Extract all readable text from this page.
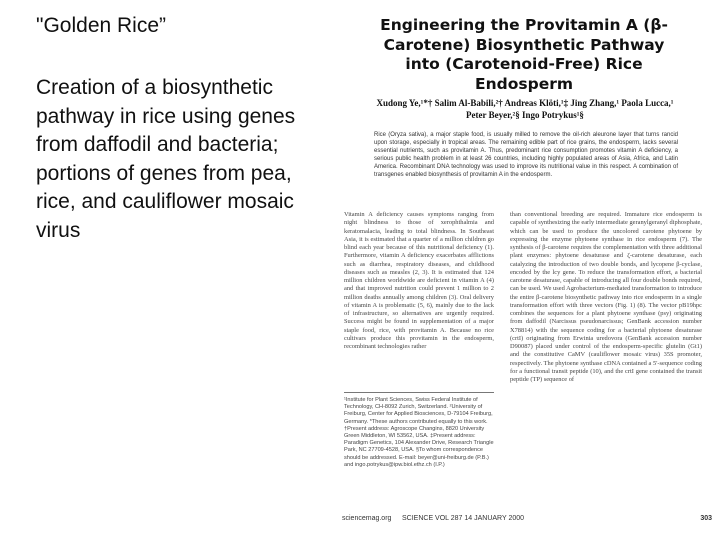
"Golden Rice”
Creation of a biosynthetic pathway in rice using genes from daffodil and bacteria; portions of genes from pea, rice, and cauliflower mosaic virus
Engineering the Provitamin A (β-Carotene) Biosynthetic Pathway into (Carotenoid-Free) Rice Endosperm
Xudong Ye,¹*† Salim Al-Babili,²† Andreas Klöti,¹‡ Jing Zhang,¹ Paola Lucca,¹ Peter Beyer,²§ Ingo Potrykus¹§
Rice (Oryza sativa), a major staple food, is usually milled to remove the oil-rich aleurone layer that turns rancid upon storage, especially in tropical areas. The remaining edible part of rice grains, the endosperm, lacks several essential nutrients, such as provitamin A. Thus, predominant rice consumption promotes vitamin A deficiency, a serious public health problem in at least 26 countries, including highly populated areas of Asia, Africa, and Latin America. Recombinant DNA technology was used to improve its nutritional value in this respect. A combination of transgenes enabled biosynthesis of provitamin A in the endosperm.
Vitamin A deficiency causes symptoms ranging from night blindness to those of xerophthalmia and keratomalacia, leading to total blindness. In Southeast Asia, it is estimated that a quarter of a million children go blind each year because of this nutritional deficiency (1). Furthermore, vitamin A deficiency exacerbates afflictions such as diarrhea, respiratory diseases, and childhood diseases such as measles (2, 3). It is estimated that 124 million children worldwide are deficient in vitamin A (4) and that improved nutrition could prevent 1 million to 2 million deaths annually among children (3). Oral delivery of vitamin A is problematic (5, 6), mainly due to the lack of infrastructure, so alternatives are urgently required. Success might be found in supplementation of a major staple food, rice, with provitamin A. Because no rice cultivars produce this provitamin in the endosperm, recombinant technologies rather
than conventional breeding are required. Immature rice endosperm is capable of synthesizing the early intermediate geranylgeranyl diphosphate, which can be used to produce the uncolored carotene phytoene by expressing the enzyme phytoene synthase in rice endosperm (7). The synthesis of β-carotene requires the complementation with three additional plant enzymes: phytoene desaturase and ζ-carotene desaturase, each catalyzing the introduction of two double bonds, and lycopene β-cyclase, encoded by the lcy gene. To reduce the transformation effort, a bacterial carotene desaturase, capable of introducing all four double bonds required, can be used. We used Agrobacterium-mediated transformation to introduce the entire β-carotene biosynthetic pathway into rice endosperm in a single transformation effort with three vectors (Fig. 1) (8). The vector pB19hpc combines the sequences for a plant phytoene synthase (psy) originating from daffodil (Narcissus pseudonarcissus; GenBank accession number X78814) with the sequence coding for a bacterial phytoene desaturase (crtI) originating from Erwinia uredovora (GenBank accession number D90087) placed under control of the endosperm-specific glutelin (Gt1) and the constitutive CaMV (cauliflower mosaic virus) 35S promoter, respectively. The phytoene synthase cDNA contained a 5'-sequence coding for a functional transit peptide (10), and the crtI gene contained the transit peptide (TP) sequence of
¹Institute for Plant Sciences, Swiss Federal Institute of Technology, CH-8092 Zurich, Switzerland. ²University of Freiburg, Center for Applied Biosciences, D-79104 Freiburg, Germany. *These authors contributed equally to this work. †Present address: Agroscope Changins, 8820 University Green Middleton, WI 53562, USA. ‡Present address: Paradigm Genetics, 104 Alexander Drive, Research Triangle Park, NC 27709-4528, USA. §To whom correspondence should be addressed. E-mail: beyer@uni-freiburg.de (P.B.) and ingo.potrykus@ipw.biol.ethz.ch (I.P.)
sciencemag.org SCIENCE VOL 287 14 JANUARY 2000	303
